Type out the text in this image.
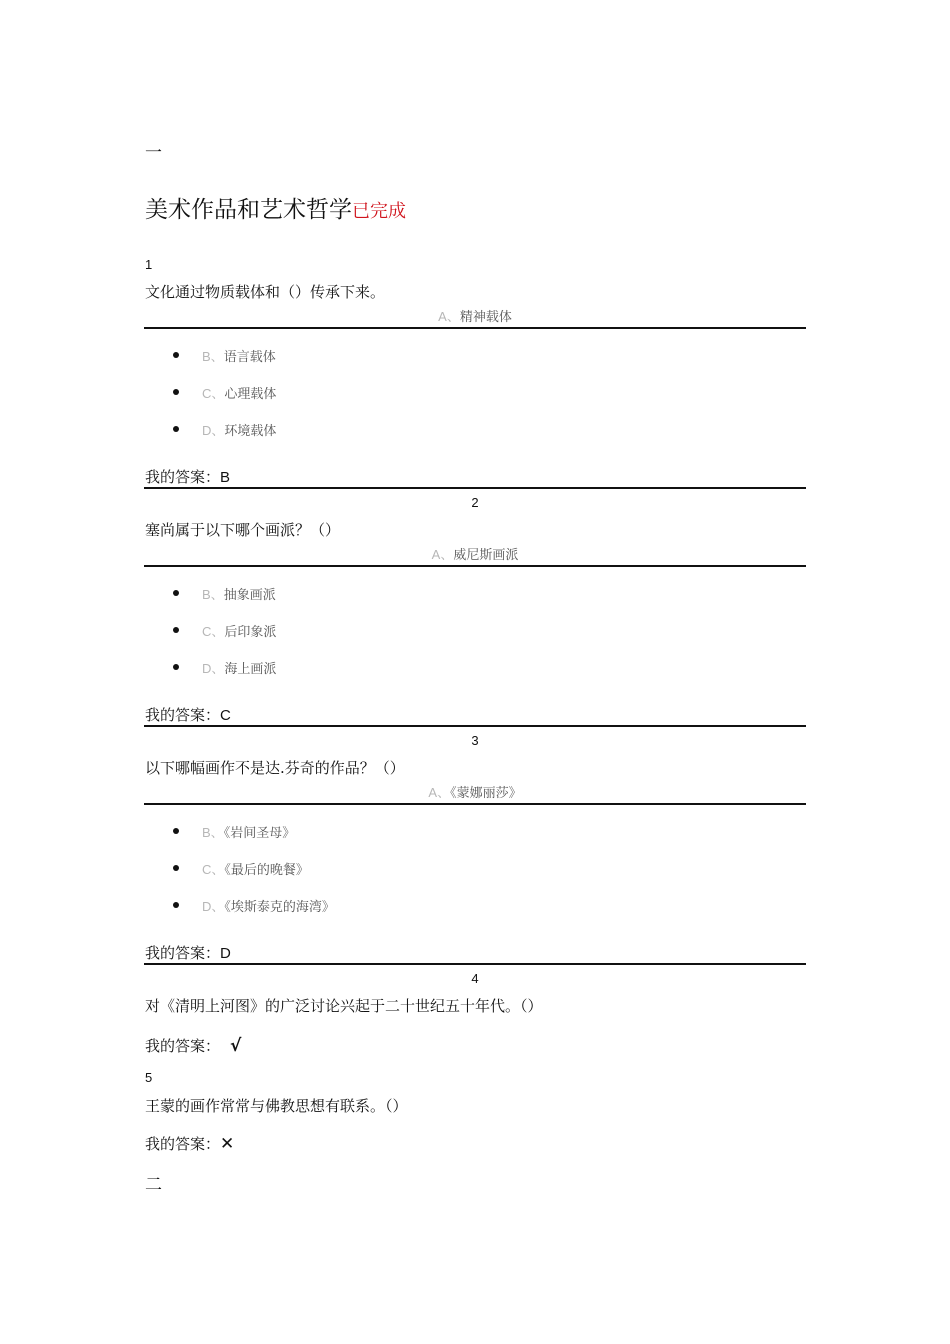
一
美术作品和艺术哲学已完成
1
文化通过物质载体和（）传承下来。
A、精神载体
B、语言载体
C、心理载体
D、环境载体
我的答案：B
2
塞尚属于以下哪个画派？（）
A、威尼斯画派
B、抽象画派
C、后印象派
D、海上画派
我的答案：C
3
以下哪幅画作不是达.芬奇的作品？（）
A、《蒙娜丽莎》
B、《岩间圣母》
C、《最后的晚餐》
D、《埃斯泰克的海湾》
我的答案：D
4
对《清明上河图》的广泛讨论兴起于二十世纪五十年代。（）
我的答案： √
5
王蒙的画作常常与佛教思想有联系。（）
我的答案：✕
二
